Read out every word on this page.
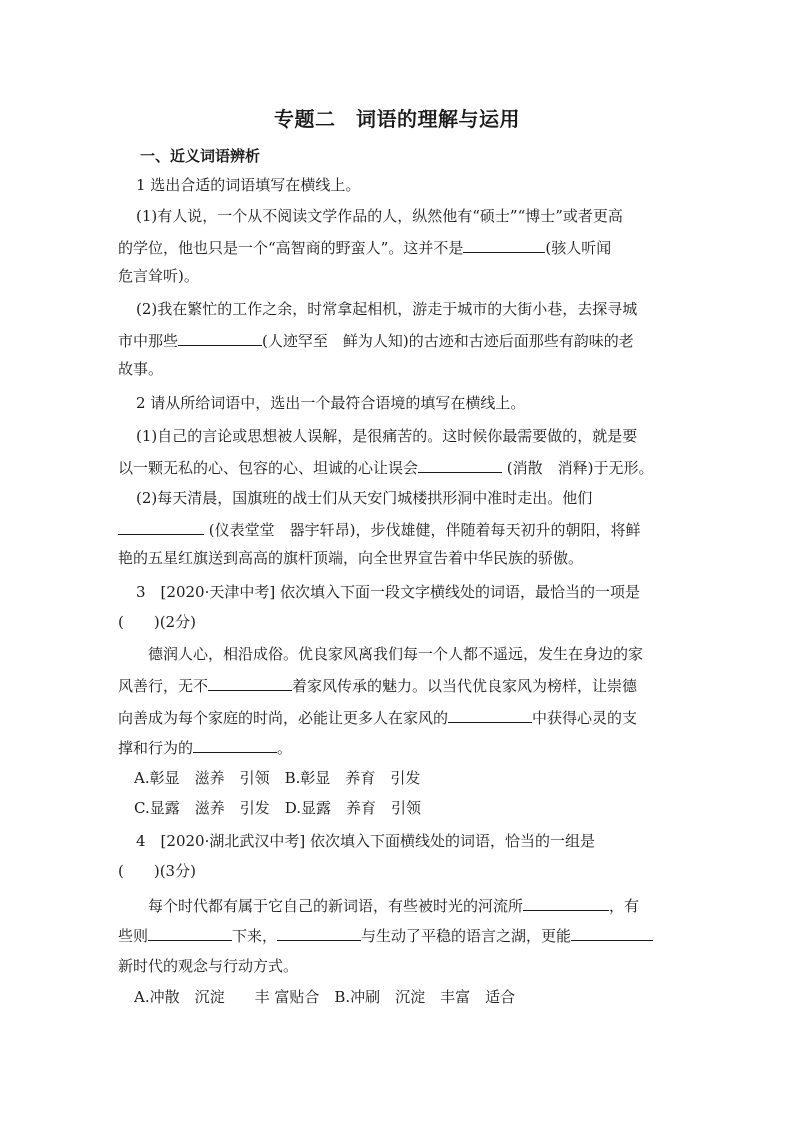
专题二　词语的理解与运用
一、近义词语辨析
1 选出合适的词语填写在横线上。
(1)有人说，一个从不阅读文学作品的人，纵然他有“硕士”“博士”或者更高
的学位，他也只是一个“高智商的野蛮人”。这并不是	(骇人听闻
危言耸听)。
(2)我在繁忙的工作之余，时常拿起相机，游走于城市的大街小巷，去探寻城
市中那些	(人迹罕至　鲜为人知)的古迹和古迹后面那些有韵味的老
故事。
2 请从所给词语中，选出一个最符合语境的填写在横线上。
(1)自己的言论或思想被人误解，是很痛苦的。这时候你最需要做的，就是要
以一颗无私的心、包容的心、坦诚的心让误会	(消散　消释)于无形。
(2)每天清晨，国旗班的战士们从天安门城楼拱形洞中准时走出。他们
(仪表堂堂　器宇轩昂)，步伐雄健，伴随着每天初升的朝阳，将鲜
艳的五星红旗送到高高的旗杆顶端，向全世界宣告着中华民族的骄傲。
3　[2020·天津中考] 依次填入下面一段文字横线处的词语，最恰当的一项是
(　　)(2分)
德润人心，相沿成俗。优良家风离我们每一个人都不遥远，发生在身边的家
风善行，无不	着家风传承的魅力。以当代优良家风为榜样，让崇德
向善成为每个家庭的时尚，必能让更多人在家风的	中获得心灵的支
撑和行为的	。
A.彰显　滋养　引领　B.彰显　养育　引发
C.显露　滋养　引发　D.显露　养育　引领
4　[2020·湖北武汉中考] 依次填入下面横线处的词语，恰当的一组是
(　　)(3分)
每个时代都有属于它自己的新词语，有些被时光的河流所	，有
些则	下来，	与生动了平稳的语言之湖，更能
新时代的观念与行动方式。
A.冲散　沉淀　　丰 富贴合　B.冲刷　沉淀　丰富　适合
